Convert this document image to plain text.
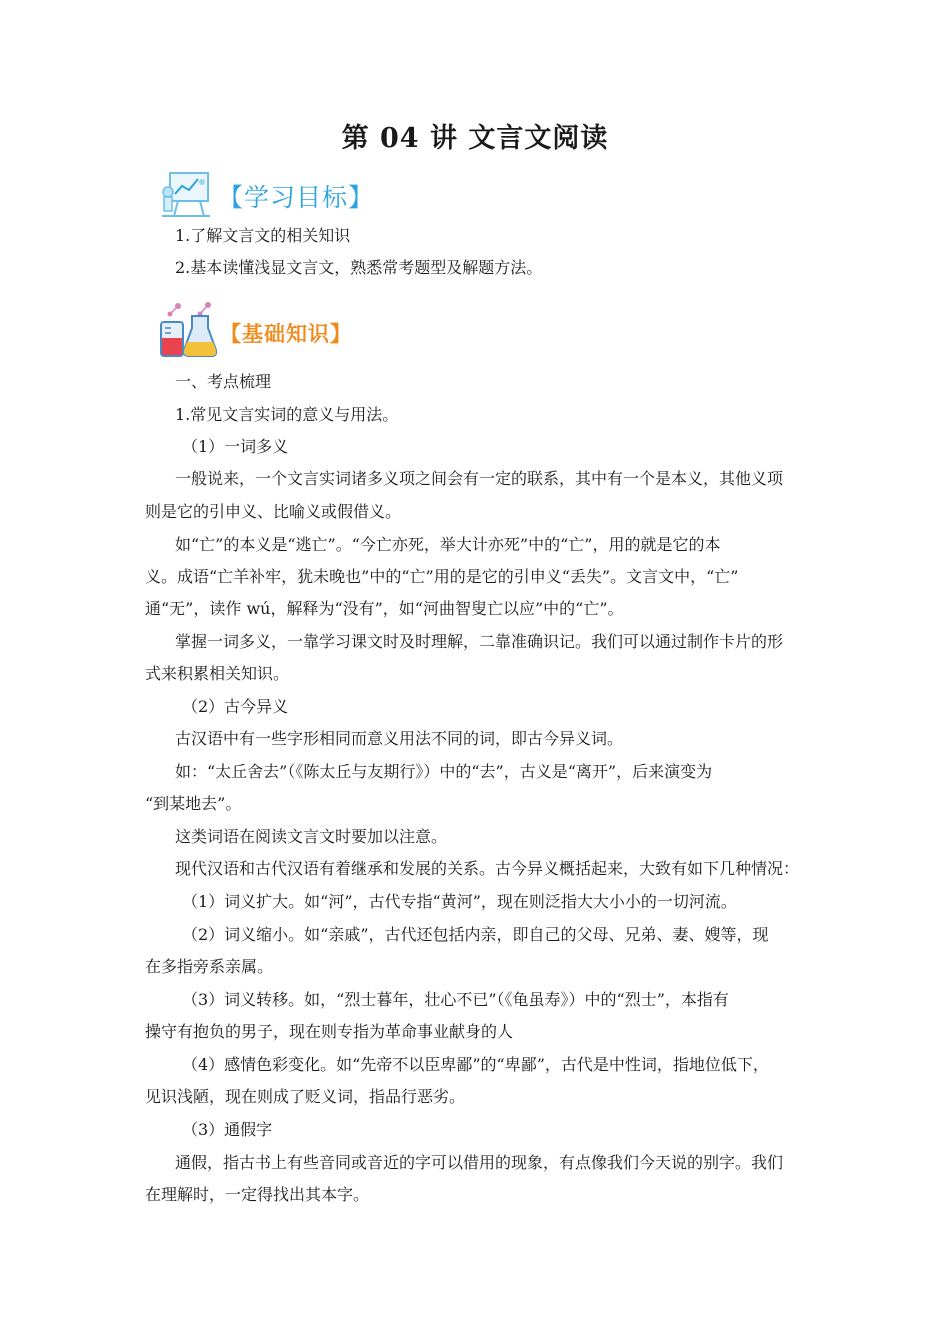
第 04 讲 文言文阅读
【学习目标】
1.了解文言文的相关知识
2.基本读懂浅显文言文，熟悉常考题型及解题方法。
【基础知识】
一、考点梳理
1.常见文言实词的意义与用法。
（1）一词多义
一般说来，一个文言实词诸多义项之间会有一定的联系，其中有一个是本义，其他义项
则是它的引申义、比喻义或假借义。
如“亡”的本义是“逃亡”。“今亡亦死，举大计亦死”中的“亡”，用的就是它的本
义。成语“亡羊补牢，犹未晚也”中的“亡”用的是它的引申义“丢失”。文言文中，“亡”
通“无”，读作 wú，解释为“没有”，如“河曲智叟亡以应”中的“亡”。
掌握一词多义，一靠学习课文时及时理解，二靠准确识记。我们可以通过制作卡片的形
式来积累相关知识。
（2）古今异义
古汉语中有一些字形相同而意义用法不同的词，即古今异义词。
如：“太丘舍去”（《陈太丘与友期行》）中的“去”，古义是“离开”，后来演变为
“到某地去”。
这类词语在阅读文言文时要加以注意。
现代汉语和古代汉语有着继承和发展的关系。古今异义概括起来，大致有如下几种情况：
（1）词义扩大。如“河”，古代专指“黄河”，现在则泛指大大小小的一切河流。
（2）词义缩小。如“亲戚”，古代还包括内亲，即自己的父母、兄弟、妻、嫂等，现
在多指旁系亲属。
（3）词义转移。如，“烈士暮年，壮心不已”（《龟虽寿》）中的“烈士”，本指有
操守有抱负的男子，现在则专指为革命事业献身的人
（4）感情色彩变化。如“先帝不以臣卑鄙”的“卑鄙”，古代是中性词，指地位低下，
见识浅陋，现在则成了贬义词，指品行恶劣。
（3）通假字
通假，指古书上有些音同或音近的字可以借用的现象，有点像我们今天说的别字。我们
在理解时，一定得找出其本字。
